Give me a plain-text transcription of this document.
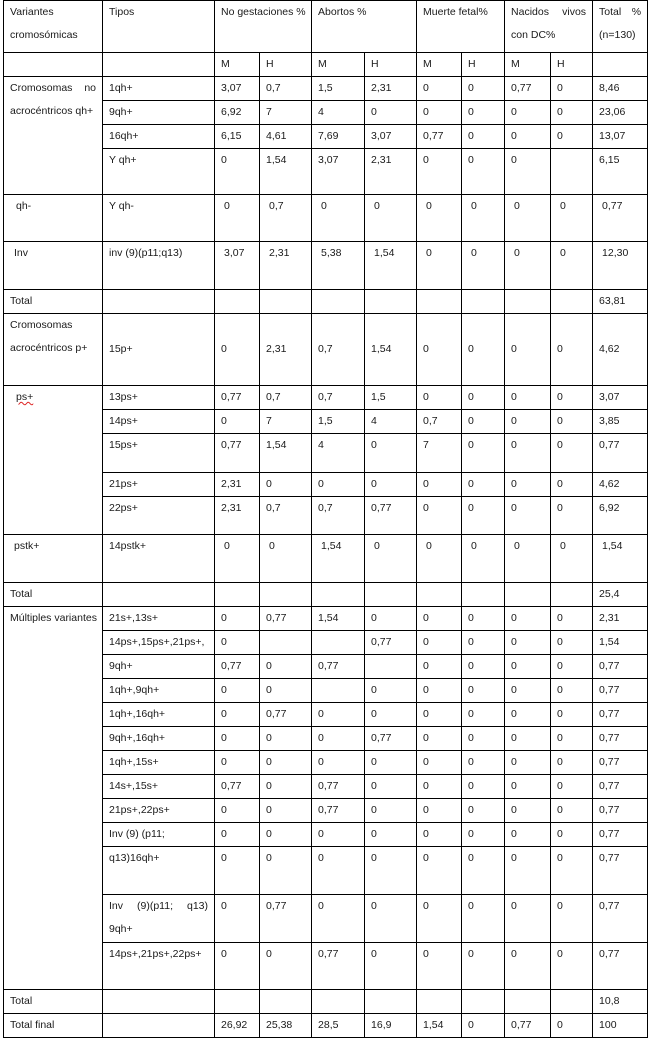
Variantes cromosómicas	Tipos	No gestaciones %		Abortos %		Muerte fetal%		Nacidos vivos con DC%		Total % (n=130)
		M	H	M	H	M	H	M	H	
Cromosomas no acrocéntricos qh+	1qh+	3,07	0,7	1,5	2,31	0	0	0,77	0	8,46
	9qh+	6,92	7	4	0	0	0	0	0	23,06
	16qh+	6,15	4,61	7,69	3,07	0,77	0	0	0	13,07
	Y qh+	0	1,54	3,07	2,31	0	0	0		6,15
qh-	Y qh-	0	0,7	0	0	0	0	0	0	0,77
Inv	inv (9)(p11;q13)	3,07	2,31	5,38	1,54	0	0	0	0	12,30
Total										63,81
Cromosomas acrocéntricos p+	15p+	0	2,31	0,7	1,54	0	0	0	0	4,62
ps+	13ps+	0,77	0,7	0,7	1,5	0	0	0	0	3,07
	14ps+	0	7	1,5	4	0,7	0	0	0	3,85
	15ps+	0,77	1,54	4	0	7	0	0	0	0,77
	21ps+	2,31	0	0	0	0	0	0	0	4,62
	22ps+	2,31	0,7	0,7	0,77	0	0	0	0	6,92
pstk+	14pstk+	0	0	1,54	0	0	0	0	0	1,54
Total										25,4
Múltiples variantes	21s+,13s+	0	0,77	1,54	0	0	0	0	0	2,31
	14ps+,15ps+,21ps+,	0			0,77	0	0	0	0	1,54
	9qh+	0,77	0	0,77		0	0	0	0	0,77
	1qh+,9qh+	0	0		0	0	0	0	0	0,77
	1qh+,16qh+	0	0,77	0	0	0	0	0	0	0,77
	9qh+,16qh+	0	0	0	0,77	0	0	0	0	0,77
	1qh+,15s+	0	0	0	0	0	0	0	0	0,77
	14s+,15s+	0,77	0	0,77	0	0	0	0	0	0,77
	21ps+,22ps+	0	0	0,77	0	0	0	0	0	0,77
	Inv (9) (p11;	0	0	0	0	0	0	0	0	0,77
	q13)16qh+	0	0	0	0	0	0	0	0	0,77
	Inv (9)(p11; q13) 9qh+	0	0,77	0	0	0	0	0	0	0,77
	14ps+,21ps+,22ps+	0	0	0,77	0	0	0	0	0	0,77
Total										10,8
Total final		26,92	25,38	28,5	16,9	1,54	0	0,77	0	100
